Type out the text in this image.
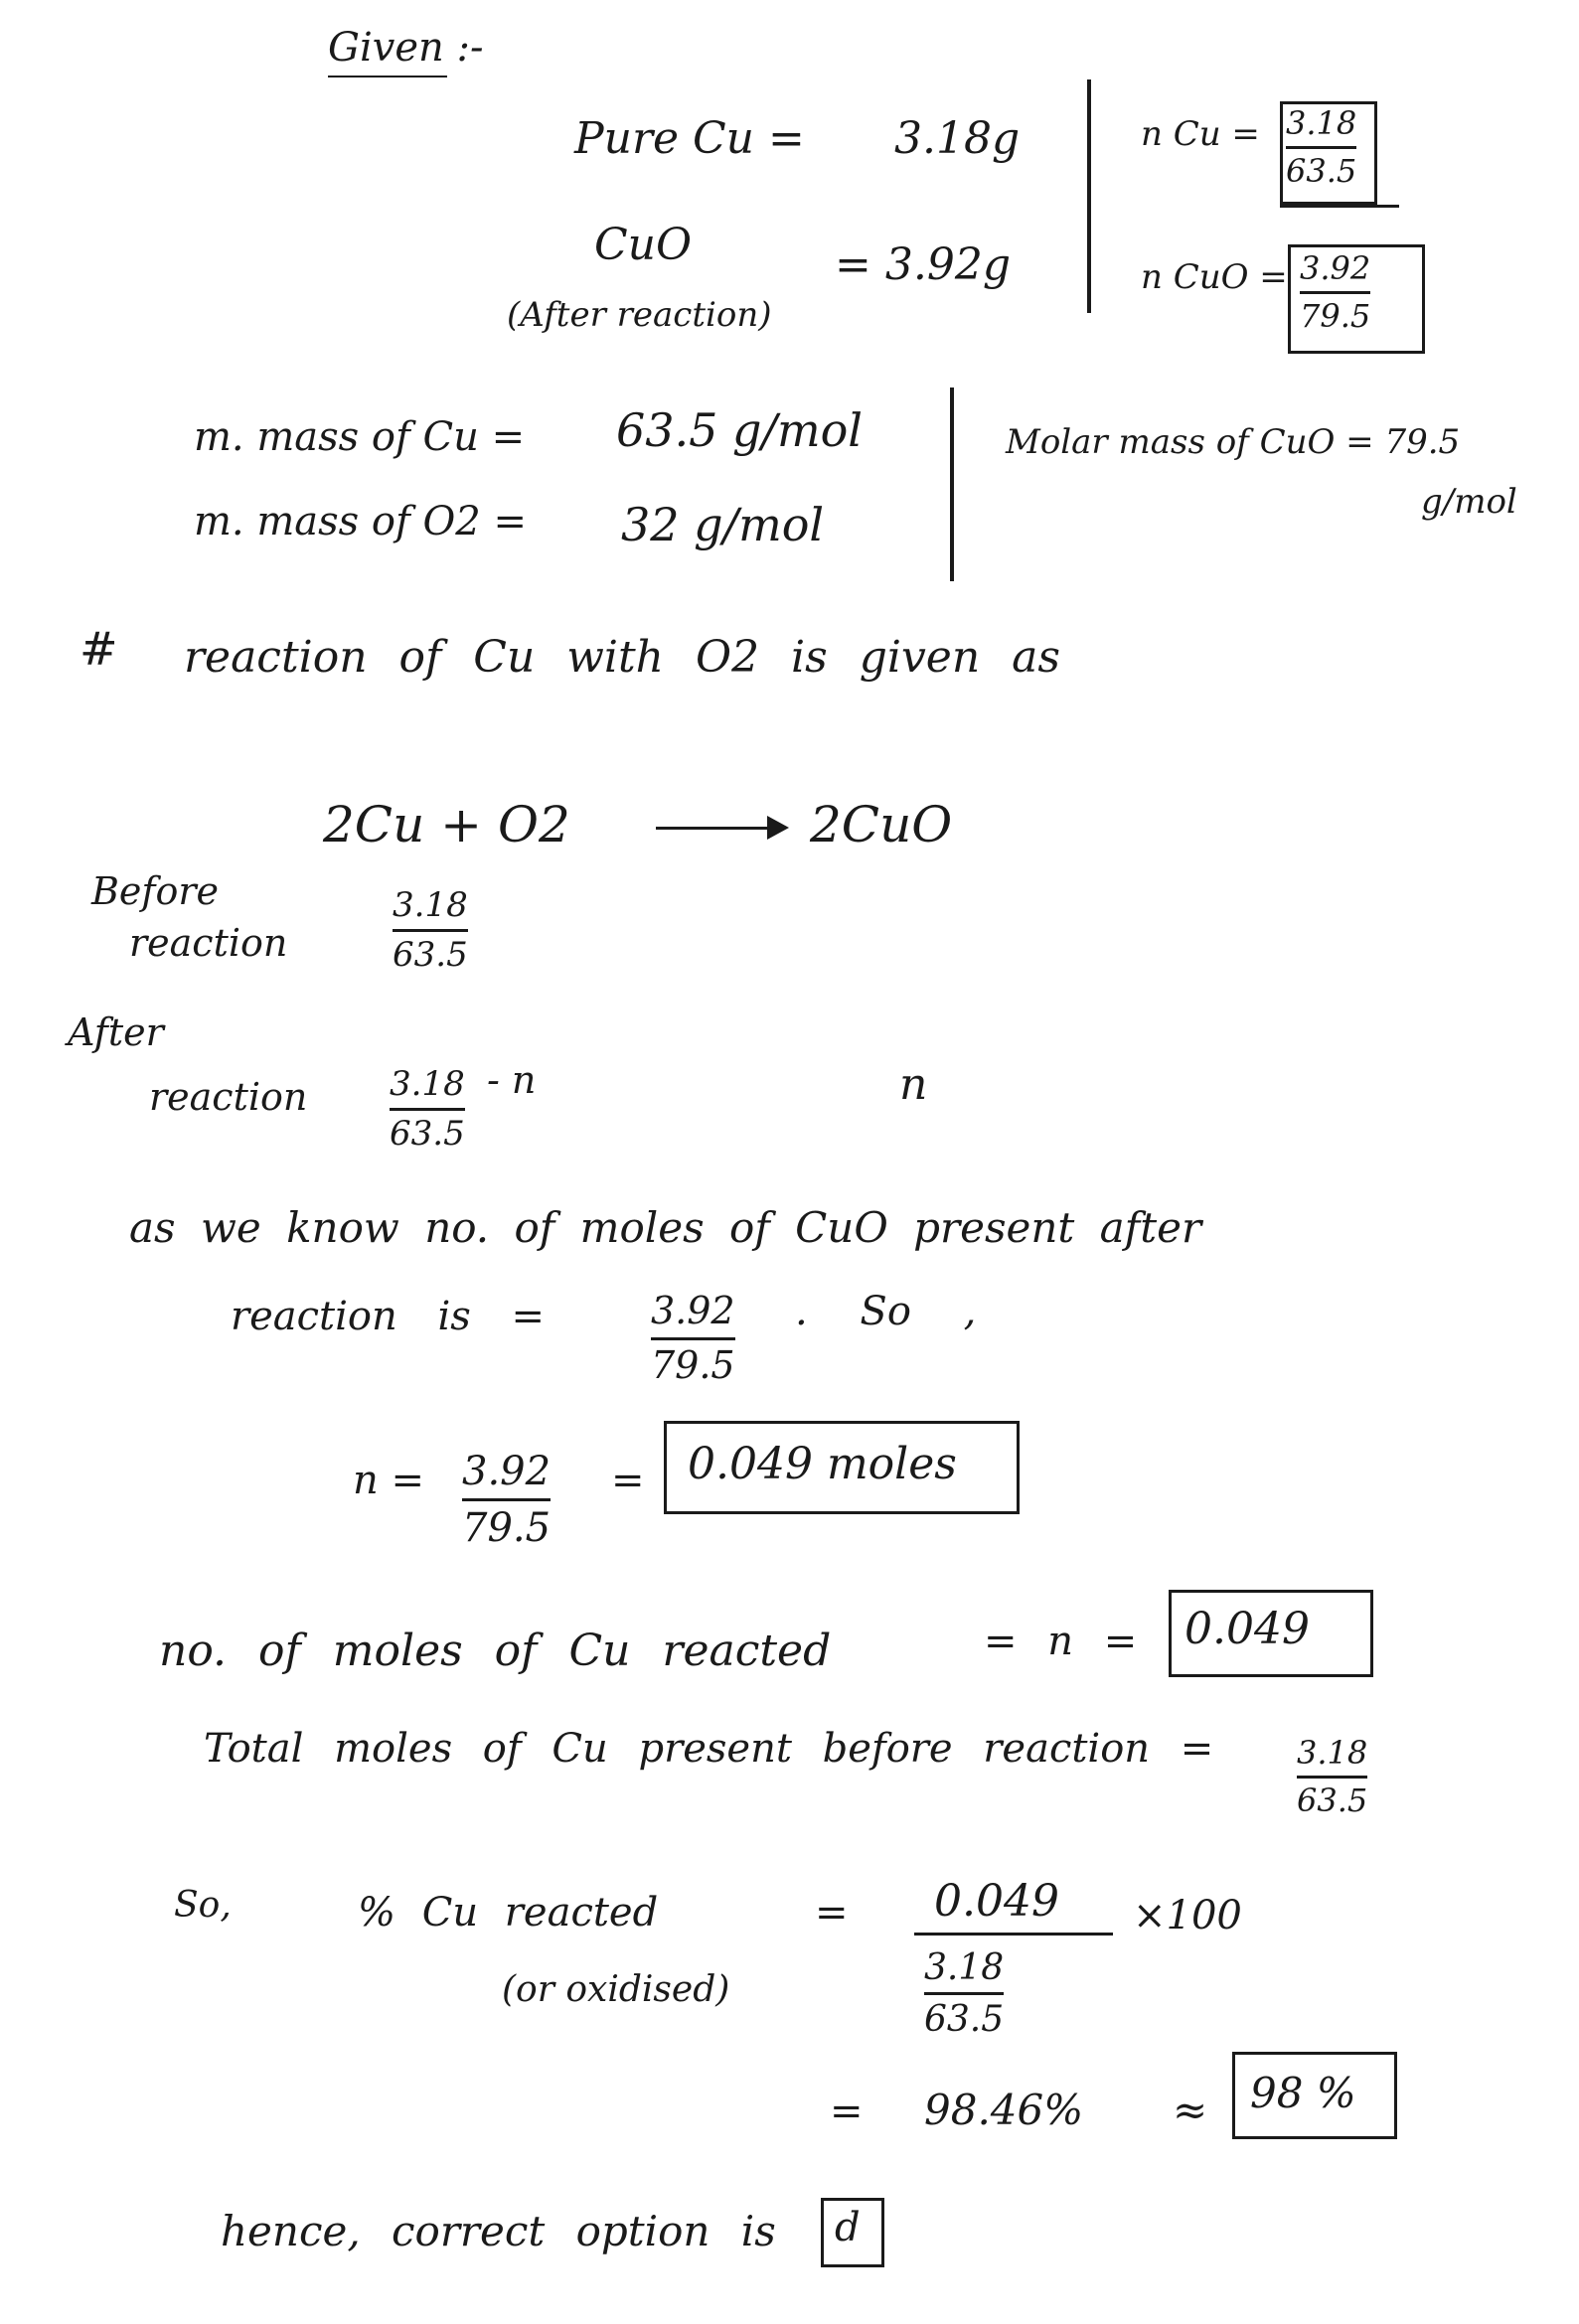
Given :-
Pure Cu = 3.18g
CuO
(After reaction)
= 3.92g
n Cu = 3.18
63.5
n CuO = 3.92
79.5
m. mass of Cu = 63.5 g/mol
m. mass of O2 = 32 g/mol
Molar mass of CuO = 79.5
g/mol
# reaction of Cu with O2 is given as
2Cu + O2	2CuO
Before
reaction
3.18
63.5
After
reaction 3.18
63.5
- n	n
as we know no. of moles of CuO present after
reaction is =	3.92
79.5
. So ,
n = 3.92
79.5
= 0.049 moles
no. of moles of Cu reacted	= n = 0.049
Total moles of Cu present before reaction =	3.18
63.5
So,	% Cu reacted
(or oxidised)
= 0.049 ×100
3.18
63.5
= 98.46% ≈ 98 %
hence, correct option is d
